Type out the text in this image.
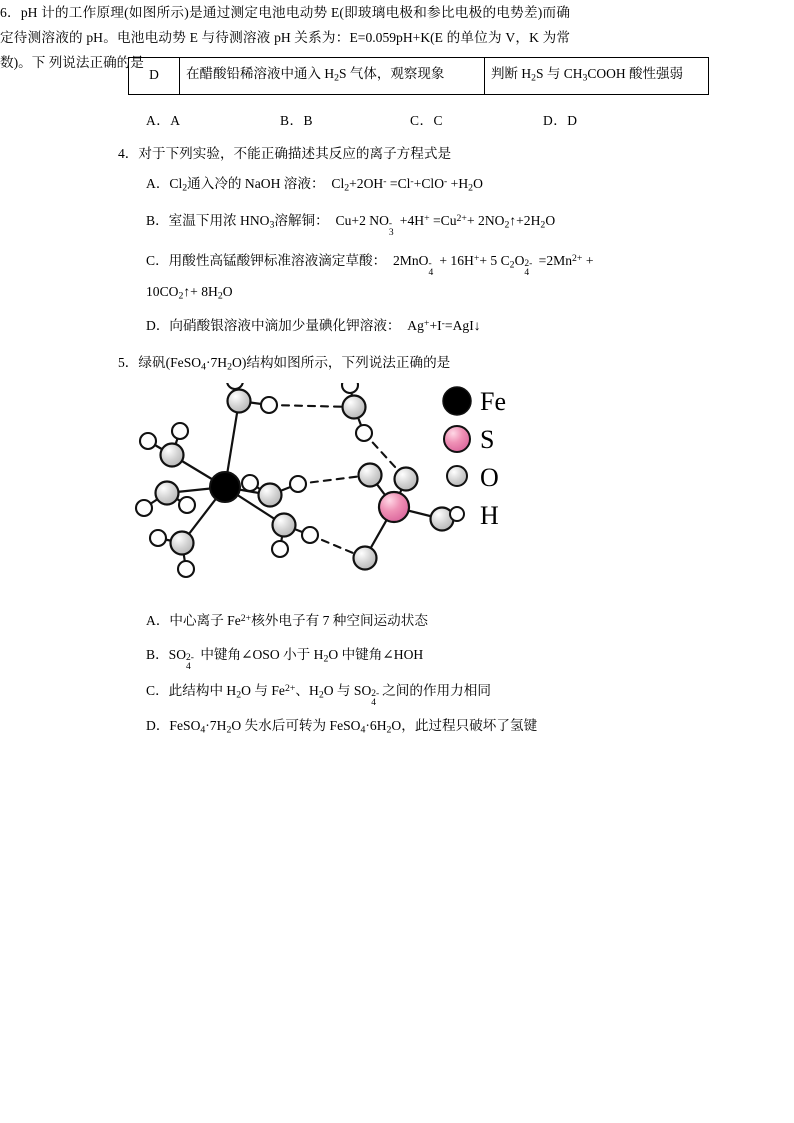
D	在醋酸铅稀溶液中通入 $H_2S$ 气体，观察现象	判断 $H_2S$ 与 $CH_3COOH$ 酸性强弱
A．A	B．B	C．C	D．D
4．对于下列实验，不能正确描述其反应的离子方程式是
A．$Cl_2$通入冷的 NaOH 溶液：  $Cl_2+2OH^- =Cl^-+ClO^- +H_2O$
B．室温下用浓 $HNO_3$溶解铜：  Cu+2 NO -
3
$+4H^+ =Cu^{2+}+$ $2NO_2↑+2H_2O$
C．用酸性高锰酸钾标准溶液滴定草酸：  2MnO -
4
+ 16H++ 5 $C_2O$ 2-
4
$=2Mn^{2+}$ +
$10CO_2↑+ 8H_2O$
D．向硝酸银溶液中滴加少量碘化钾溶液：  Ag++I-=AgI↓
5．绿矾$(FeSO_4\cdot 7H_2O)$结构如图所示，下列说法正确的是
Fe
S
O
H
A．中心离子 $Fe^{2+}$核外电子有 7 种空间运动状态
B．SO 2-
4
中键角∠OSO 小于 $H_2O$ 中键角∠HOH
C．此结构中 $H_2O$ 与 $Fe^{2+}$、$H_2O$ 与 SO 2-
4
之间的作用力相同
D．$FeSO_4\cdot 7H_2O$ 失水后可转为 $FeSO_4\cdot 6H_2O$，此过程只破坏了氢键
6．pH 计的工作原理(如图所示)是通过测定电池电动势 E(即玻璃电极和参比电极的电势差)而确定待测溶液的 pH。电池电动势 E 与待测溶液 pH 关系为：E=0.059pH+K(E 的单位为 V，K 为常数)。下 列说法正确的是
